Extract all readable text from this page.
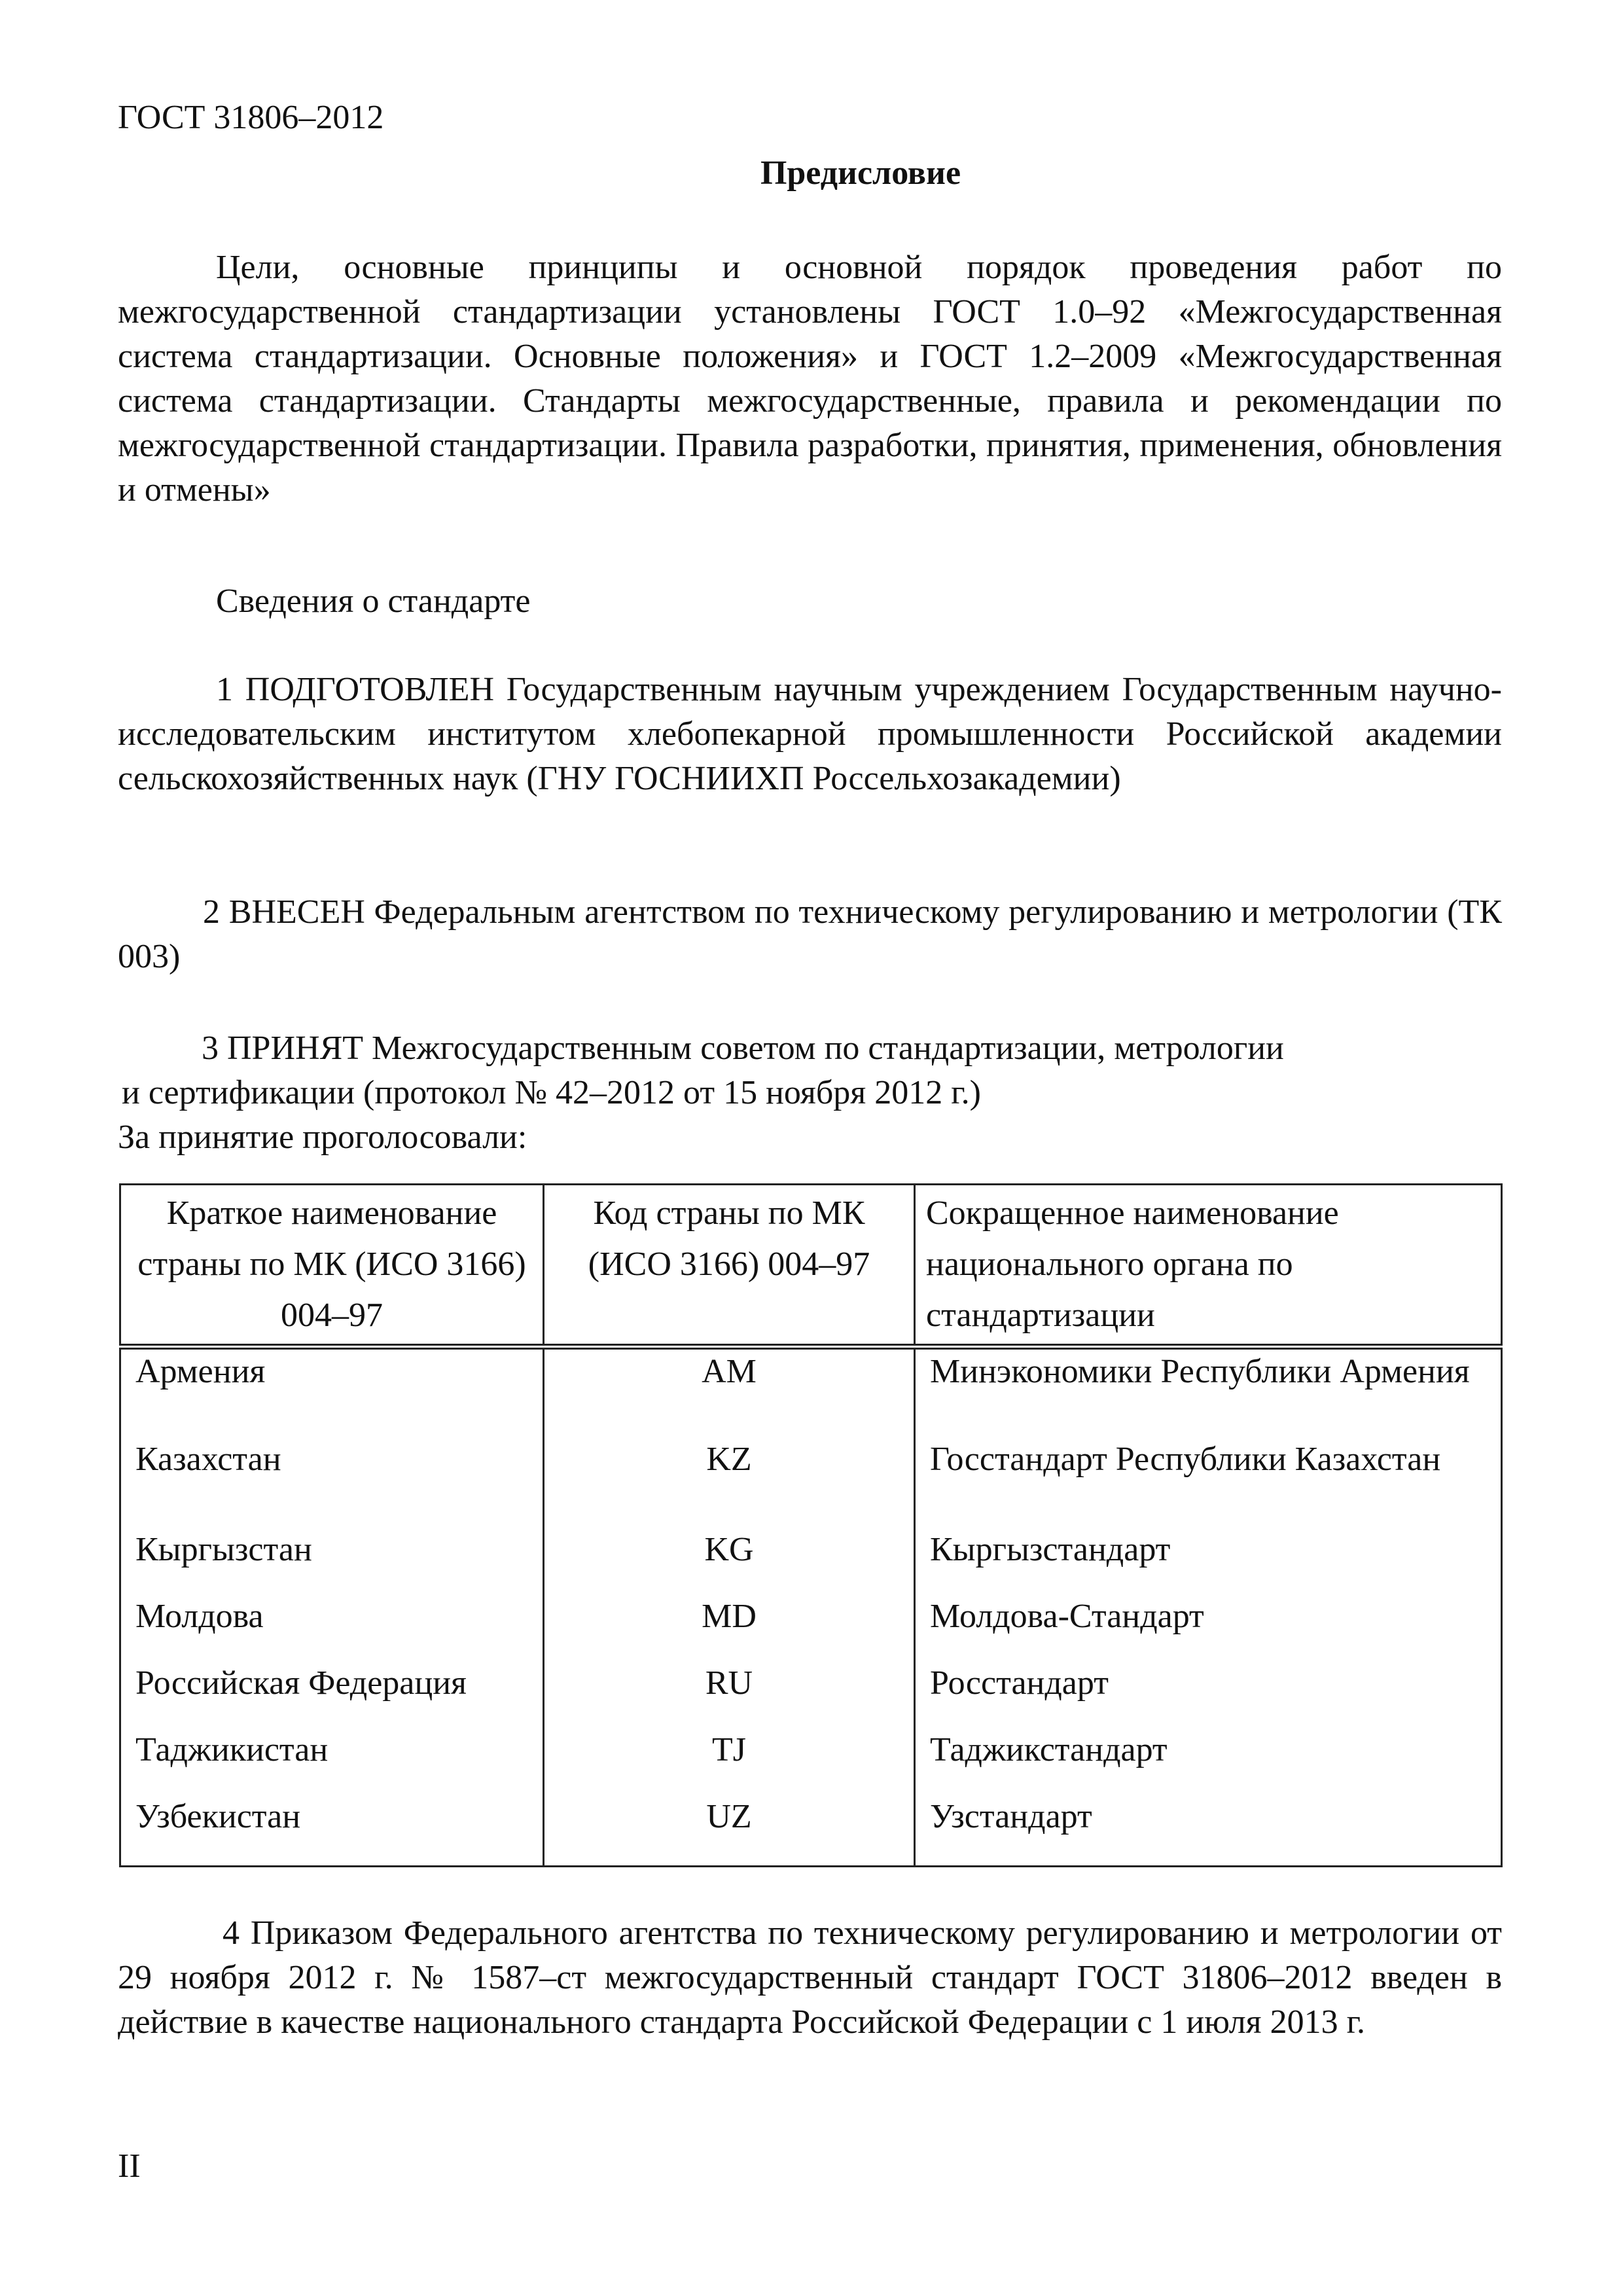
ГОСТ 31806–2012
Предисловие

Цели, основные принципы и основной порядок проведения работ по межгосударственной стандартизации установлены ГОСТ 1.0–92 «Межгосударственная система стандартизации. Основные положения» и ГОСТ 1.2–2009 «Межгосударственная система стандартизации. Стандарты межгосударственные, правила и рекомендации по межгосударственной стандартизации. Правила разработки, принятия, применения, обновления и отмены»

Сведения о стандарте

1 ПОДГОТОВЛЕН Государственным научным учреждением Государственным научно-исследовательским институтом хлебопекарной промышленности Российской академии сельскохозяйственных наук (ГНУ ГОСНИИХП Россельхозакадемии)

2 ВНЕСЕН Федеральным агентством по техническому регулированию и метрологии (ТК 003)

3 ПРИНЯТ Межгосударственным советом по стандартизации, метрологии
и сертификации (протокол № 42–2012 от 15 ноября 2012 г.)
За принятие проголосовали:
Краткое наименование страны по МК (ИСО 3166) 004–97	Код страны по МК (ИСО 3166) 004–97	Сокращенное наименование национального органа по стандартизации
Армения	AM	Минэкономики Республики Армения
Казахстан	KZ	Госстандарт Республики Казахстан
Кыргызстан	KG	Кыргызстандарт
Молдова	MD	Молдова-Стандарт
Российская Федерация	RU	Росстандарт
Таджикистан	TJ	Таджикстандарт
Узбекистан	UZ	Узстандарт

4 Приказом Федерального агентства по техническому регулированию и метрологии от 29 ноября 2012 г. № 1587–ст межгосударственный стандарт ГОСТ 31806–2012 введен в действие в качестве национального стандарта Российской Федерации с 1 июля 2013 г.

II
